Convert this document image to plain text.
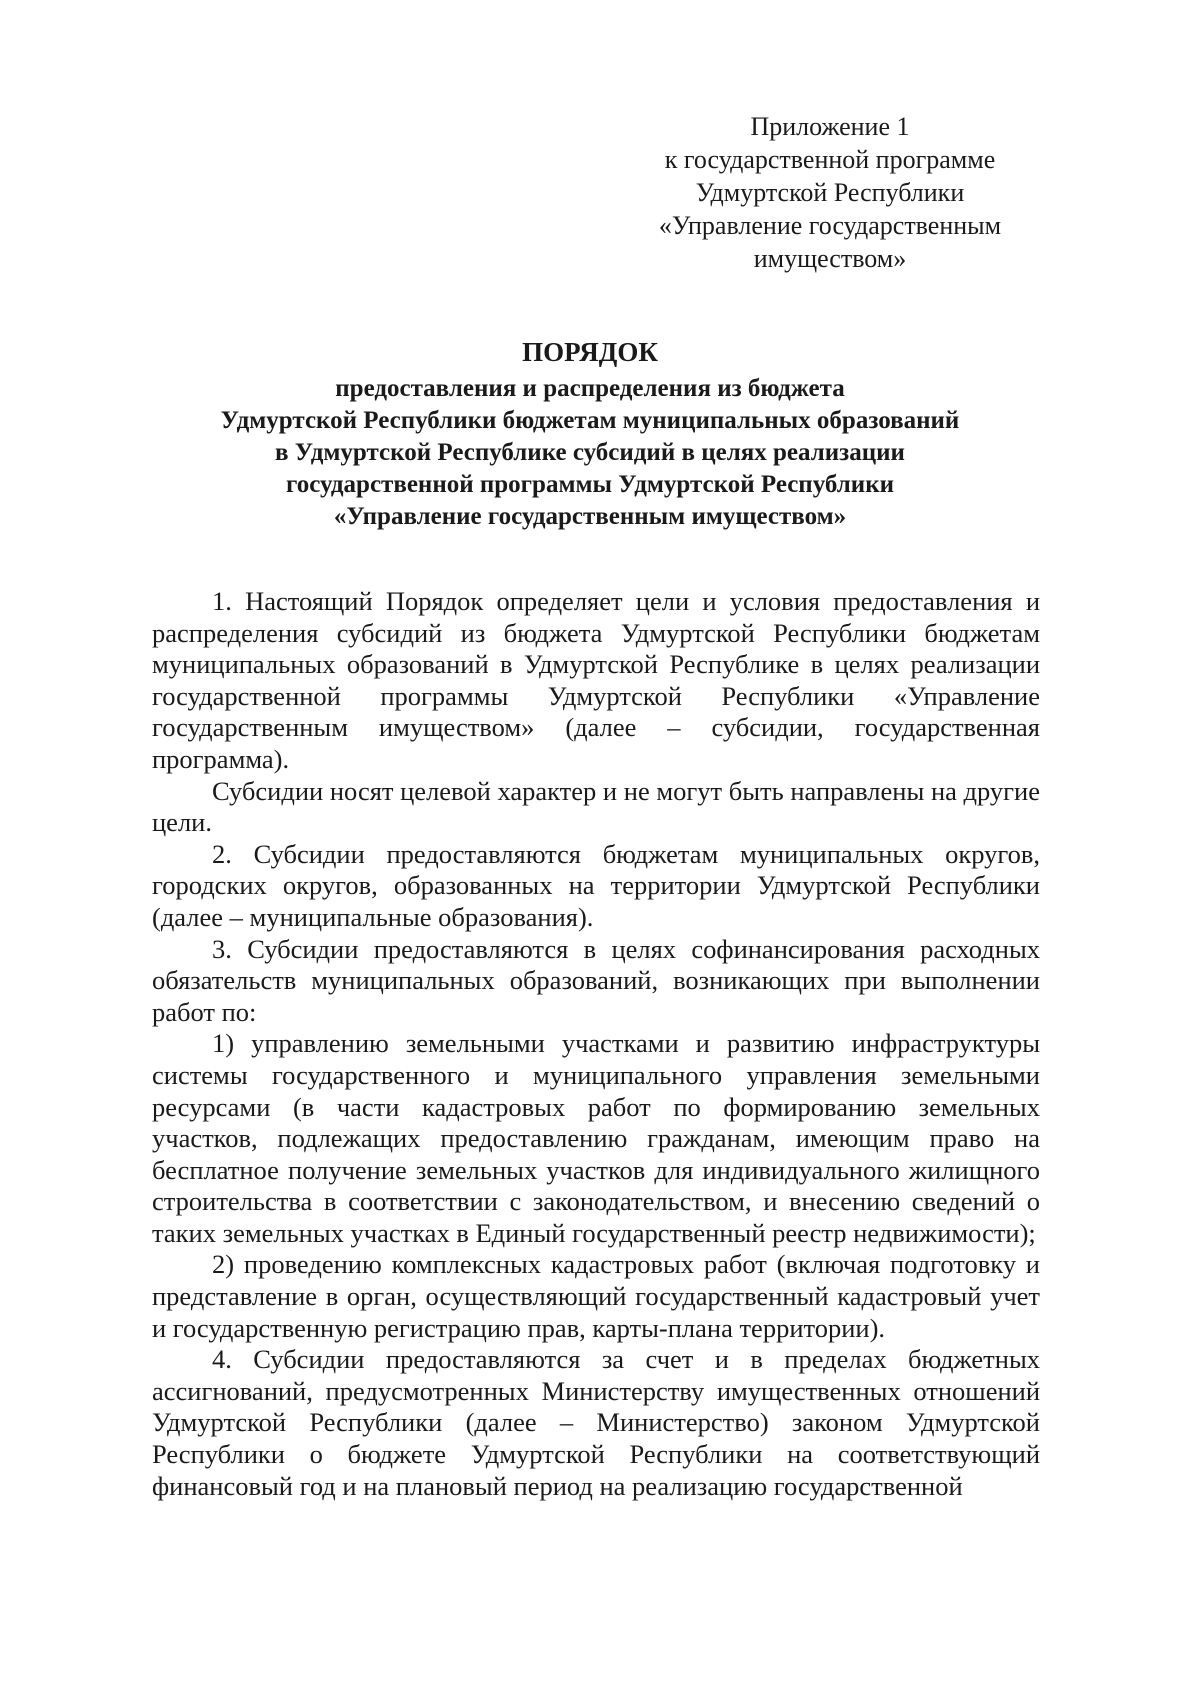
Приложение 1
к государственной программе
Удмуртской Республики
«Управление государственным
имуществом»
ПОРЯДОК
предоставления и распределения из бюджета
Удмуртской Республики бюджетам муниципальных образований
в Удмуртской Республике субсидий в целях реализации
государственной программы Удмуртской Республики
«Управление государственным имуществом»

1. Настоящий Порядок определяет цели и условия предоставления и распределения субсидий из бюджета Удмуртской Республики бюджетам муниципальных образований в Удмуртской Республике в целях реализации государственной программы Удмуртской Республики «Управление государственным имуществом» (далее – субсидии, государственная программа).

Субсидии носят целевой характер и не могут быть направлены на другие цели.

2. Субсидии предоставляются бюджетам муниципальных округов, городских округов, образованных на территории Удмуртской Республики (далее – муниципальные образования).

3. Субсидии предоставляются в целях софинансирования расходных обязательств муниципальных образований, возникающих при выполнении работ по:

1) управлению земельными участками и развитию инфраструктуры системы государственного и муниципального управления земельными ресурсами (в части кадастровых работ по формированию земельных участков, подлежащих предоставлению гражданам, имеющим право на бесплатное получение земельных участков для индивидуального жилищного строительства в соответствии с законодательством, и внесению сведений о таких земельных участках в Единый государственный реестр недвижимости);

2) проведению комплексных кадастровых работ (включая подготовку и представление в орган, осуществляющий государственный кадастровый учет и государственную регистрацию прав, карты-плана территории).

4. Субсидии предоставляются за счет и в пределах бюджетных ассигнований, предусмотренных Министерству имущественных отношений Удмуртской Республики (далее – Министерство) законом Удмуртской Республики о бюджете Удмуртской Республики на соответствующий финансовый год и на плановый период на реализацию государственной
